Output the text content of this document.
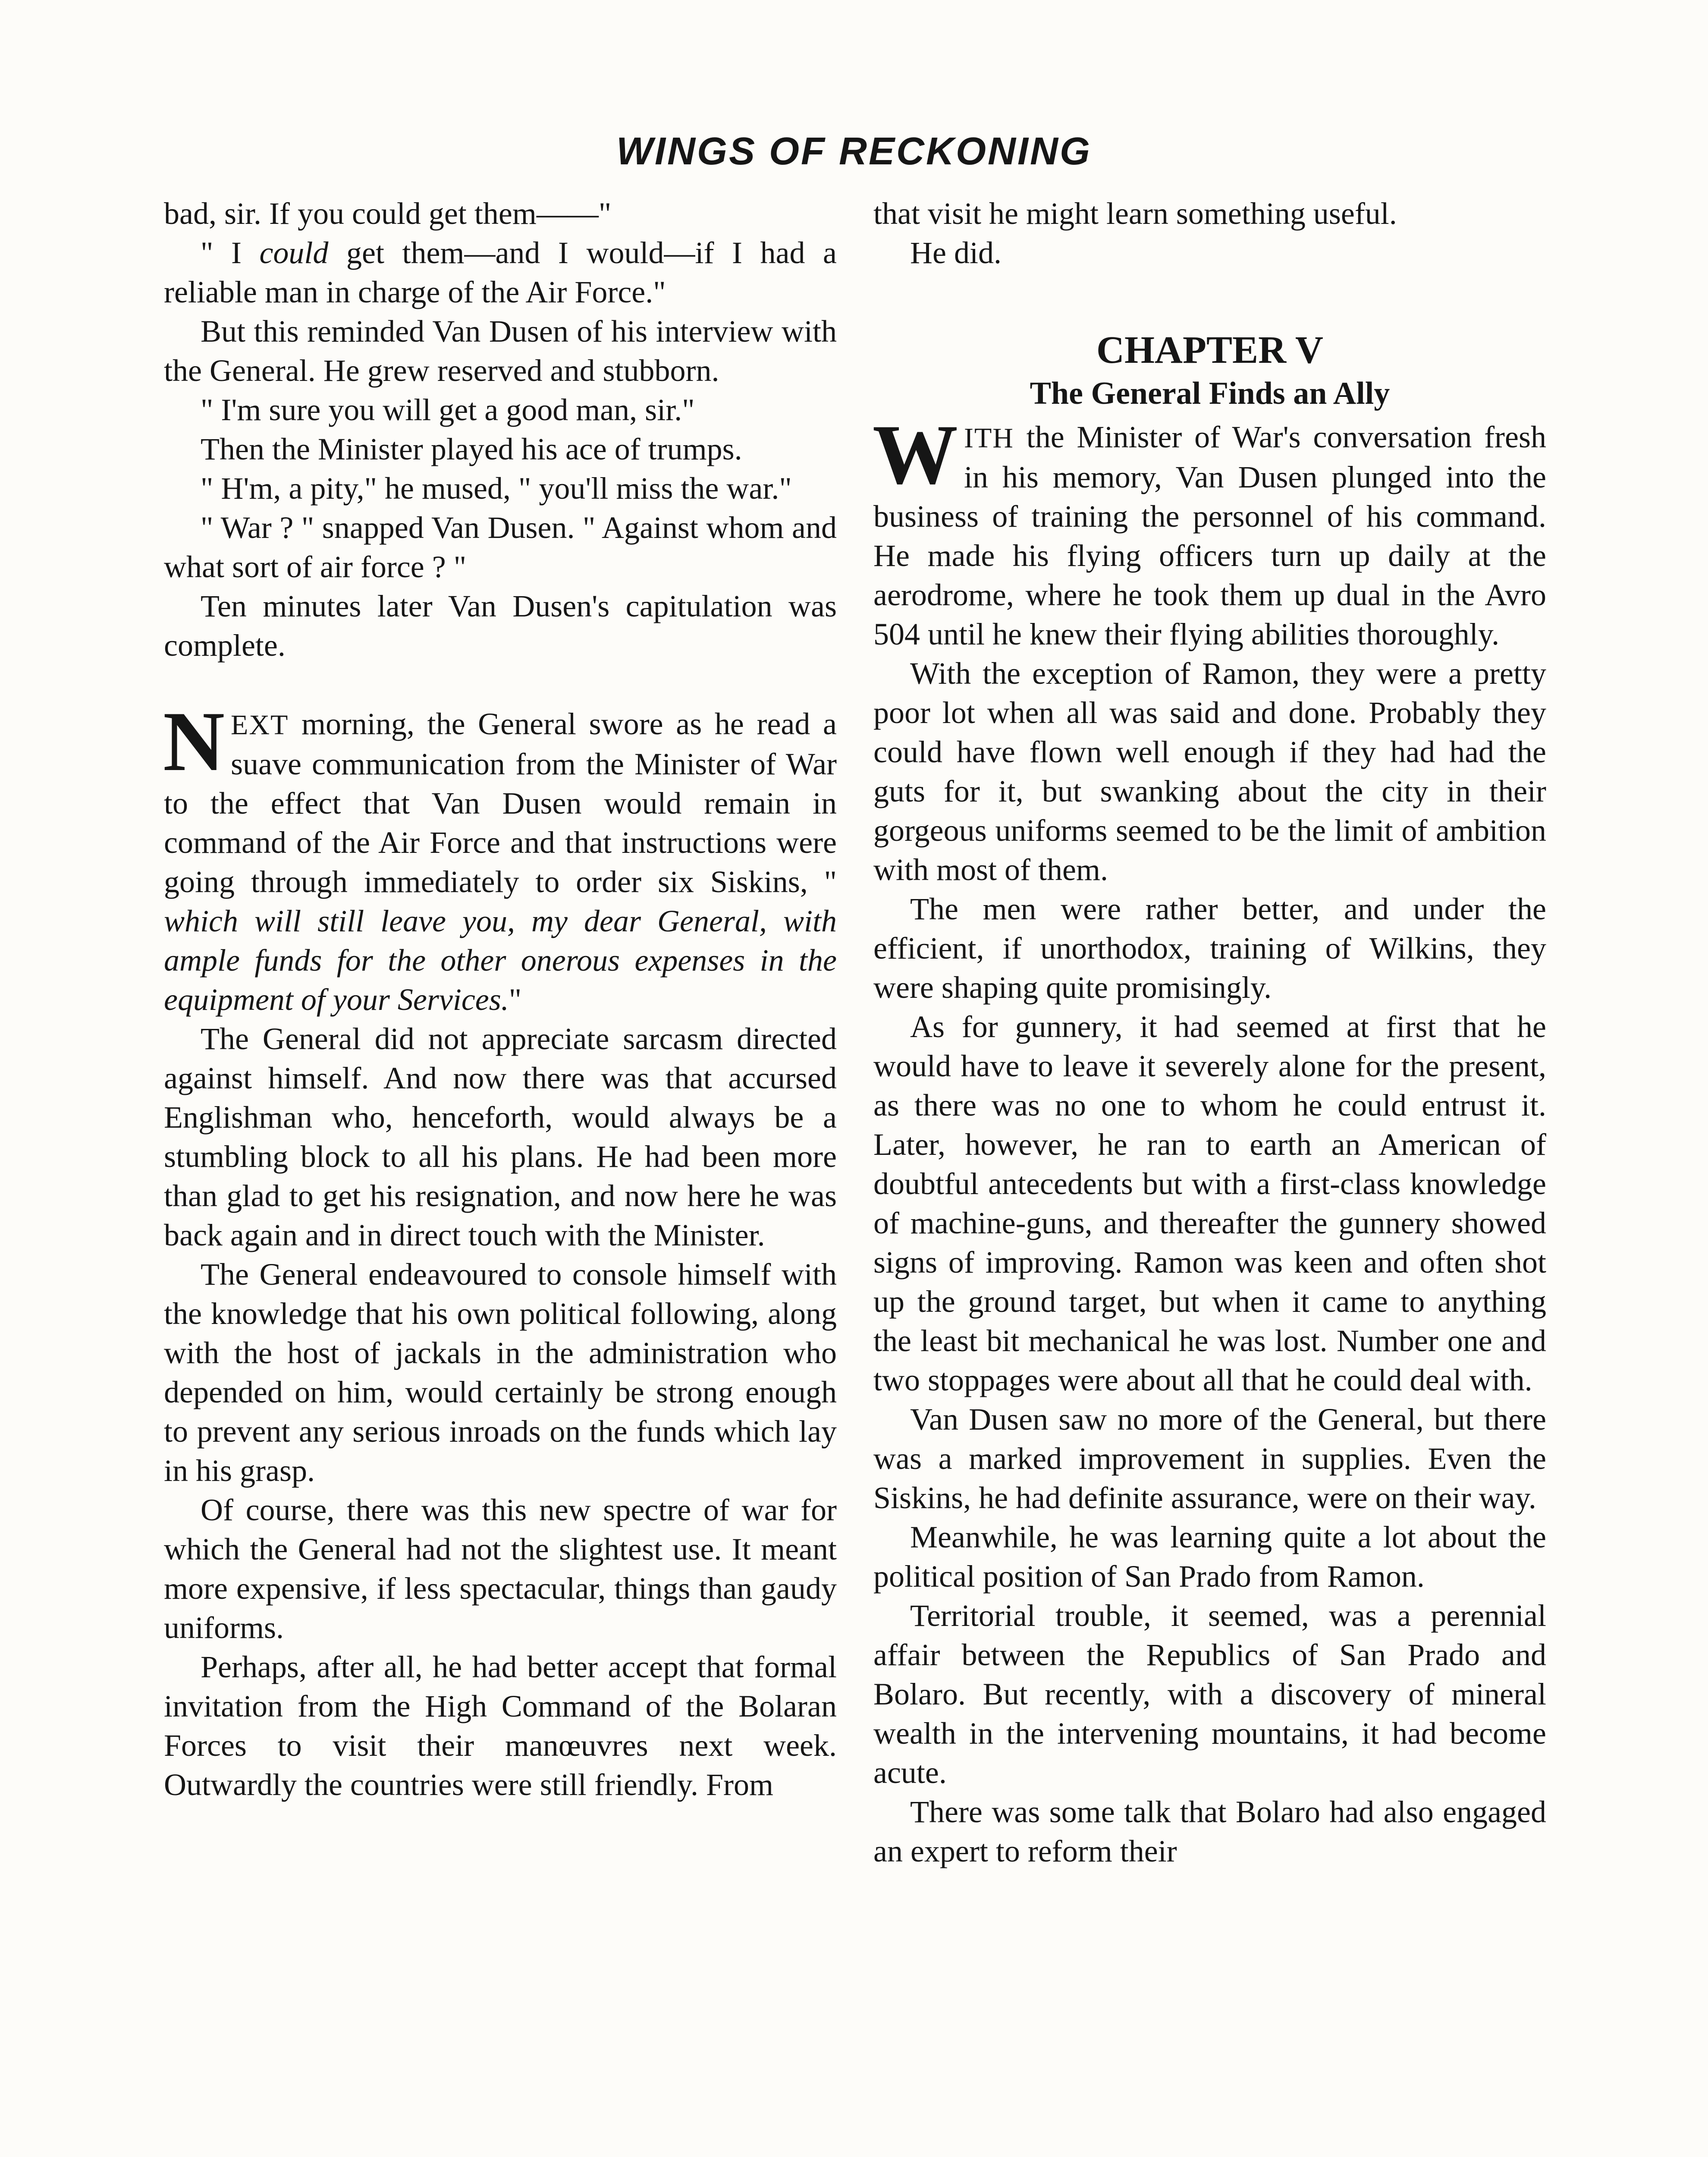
WINGS OF RECKONING

bad, sir. If you could get them——"

" I could get them—and I would—if I had a reliable man in charge of the Air Force."

But this reminded Van Dusen of his interview with the General. He grew reserved and stubborn.

" I'm sure you will get a good man, sir."

Then the Minister played his ace of trumps.

" H'm, a pity," he mused, " you'll miss the war."

" War ? " snapped Van Dusen. " Against whom and what sort of air force ? "

Ten minutes later Van Dusen's capitulation was complete.

NEXT morning, the General swore as he read a suave communication from the Minister of War to the effect that Van Dusen would remain in command of the Air Force and that instructions were going through immediately to order six Siskins, " which will still leave you, my dear General, with ample funds for the other onerous expenses in the equipment of your Services."

The General did not appreciate sarcasm directed against himself. And now there was that accursed Englishman who, henceforth, would always be a stumbling block to all his plans. He had been more than glad to get his resignation, and now here he was back again and in direct touch with the Minister.

The General endeavoured to console himself with the knowledge that his own political following, along with the host of jackals in the administration who depended on him, would certainly be strong enough to prevent any serious inroads on the funds which lay in his grasp.

Of course, there was this new spectre of war for which the General had not the slightest use. It meant more expensive, if less spectacular, things than gaudy uniforms.

Perhaps, after all, he had better accept that formal invitation from the High Command of the Bolaran Forces to visit their manœuvres next week. Outwardly the countries were still friendly. From

that visit he might learn something useful.

He did.

CHAPTER V
The General Finds an Ally

WITH the Minister of War's conversation fresh in his memory, Van Dusen plunged into the business of training the personnel of his command. He made his flying officers turn up daily at the aerodrome, where he took them up dual in the Avro 504 until he knew their flying abilities thoroughly.

With the exception of Ramon, they were a pretty poor lot when all was said and done. Probably they could have flown well enough if they had had the guts for it, but swanking about the city in their gorgeous uniforms seemed to be the limit of ambition with most of them.

The men were rather better, and under the efficient, if unorthodox, training of Wilkins, they were shaping quite promisingly.

As for gunnery, it had seemed at first that he would have to leave it severely alone for the present, as there was no one to whom he could entrust it. Later, however, he ran to earth an American of doubtful antecedents but with a first-class knowledge of machine-guns, and thereafter the gunnery showed signs of improving. Ramon was keen and often shot up the ground target, but when it came to anything the least bit mechanical he was lost. Number one and two stoppages were about all that he could deal with.

Van Dusen saw no more of the General, but there was a marked improvement in supplies. Even the Siskins, he had definite assurance, were on their way.

Meanwhile, he was learning quite a lot about the political position of San Prado from Ramon.

Territorial trouble, it seemed, was a perennial affair between the Republics of San Prado and Bolaro. But recently, with a discovery of mineral wealth in the intervening mountains, it had become acute.

There was some talk that Bolaro had also engaged an expert to reform their
